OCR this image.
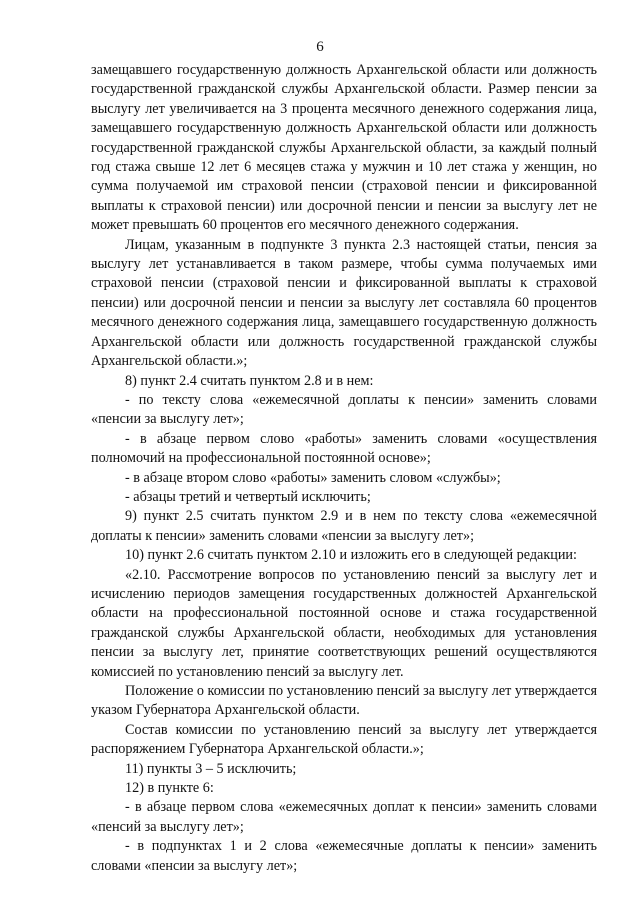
6

замещавшего государственную должность Архангельской области или должность государственной гражданской службы Архангельской области. Размер пенсии за выслугу лет увеличивается на 3 процента месячного денежного содержания лица, замещавшего государственную должность Архангельской области или должность государственной гражданской службы Архангельской области, за каждый полный год стажа свыше 12 лет 6 месяцев стажа у мужчин и 10 лет стажа у женщин, но сумма получаемой им страховой пенсии (страховой пенсии и фиксированной выплаты к страховой пенсии) или досрочной пенсии и пенсии за выслугу лет не может превышать 60 процентов его месячного денежного содержания.

Лицам, указанным в подпункте 3 пункта 2.3 настоящей статьи, пенсия за выслугу лет устанавливается в таком размере, чтобы сумма получаемых ими страховой пенсии (страховой пенсии и фиксированной выплаты к страховой пенсии) или досрочной пенсии и пенсии за выслугу лет составляла 60 процентов месячного денежного содержания лица, замещавшего государственную должность Архангельской области или должность государственной гражданской службы Архангельской области.»;

8) пункт 2.4 считать пунктом 2.8 и в нем:

- по тексту слова «ежемесячной доплаты к пенсии» заменить словами «пенсии за выслугу лет»;

- в абзаце первом слово «работы» заменить словами «осуществления полномочий на профессиональной постоянной основе»;

- в абзаце втором слово «работы» заменить словом «службы»;

- абзацы третий и четвертый исключить;

9) пункт 2.5 считать пунктом 2.9 и в нем по тексту слова «ежемесячной доплаты к пенсии» заменить словами «пенсии за выслугу лет»;

10) пункт 2.6 считать пунктом 2.10 и изложить его в следующей редакции:

«2.10. Рассмотрение вопросов по установлению пенсий за выслугу лет и исчислению периодов замещения государственных должностей Архангельской области на профессиональной постоянной основе и стажа государственной гражданской службы Архангельской области, необходимых для установления пенсии за выслугу лет, принятие соответствующих решений осуществляются комиссией по установлению пенсий за выслугу лет.

Положение о комиссии по установлению пенсий за выслугу лет утверждается указом Губернатора Архангельской области.

Состав комиссии по установлению пенсий за выслугу лет утверждается распоряжением Губернатора Архангельской области.»;

11) пункты 3 – 5 исключить;

12) в пункте 6:

- в абзаце первом слова «ежемесячных доплат к пенсии» заменить словами «пенсий за выслугу лет»;

- в подпунктах 1 и 2 слова «ежемесячные доплаты к пенсии» заменить словами «пенсии за выслугу лет»;
